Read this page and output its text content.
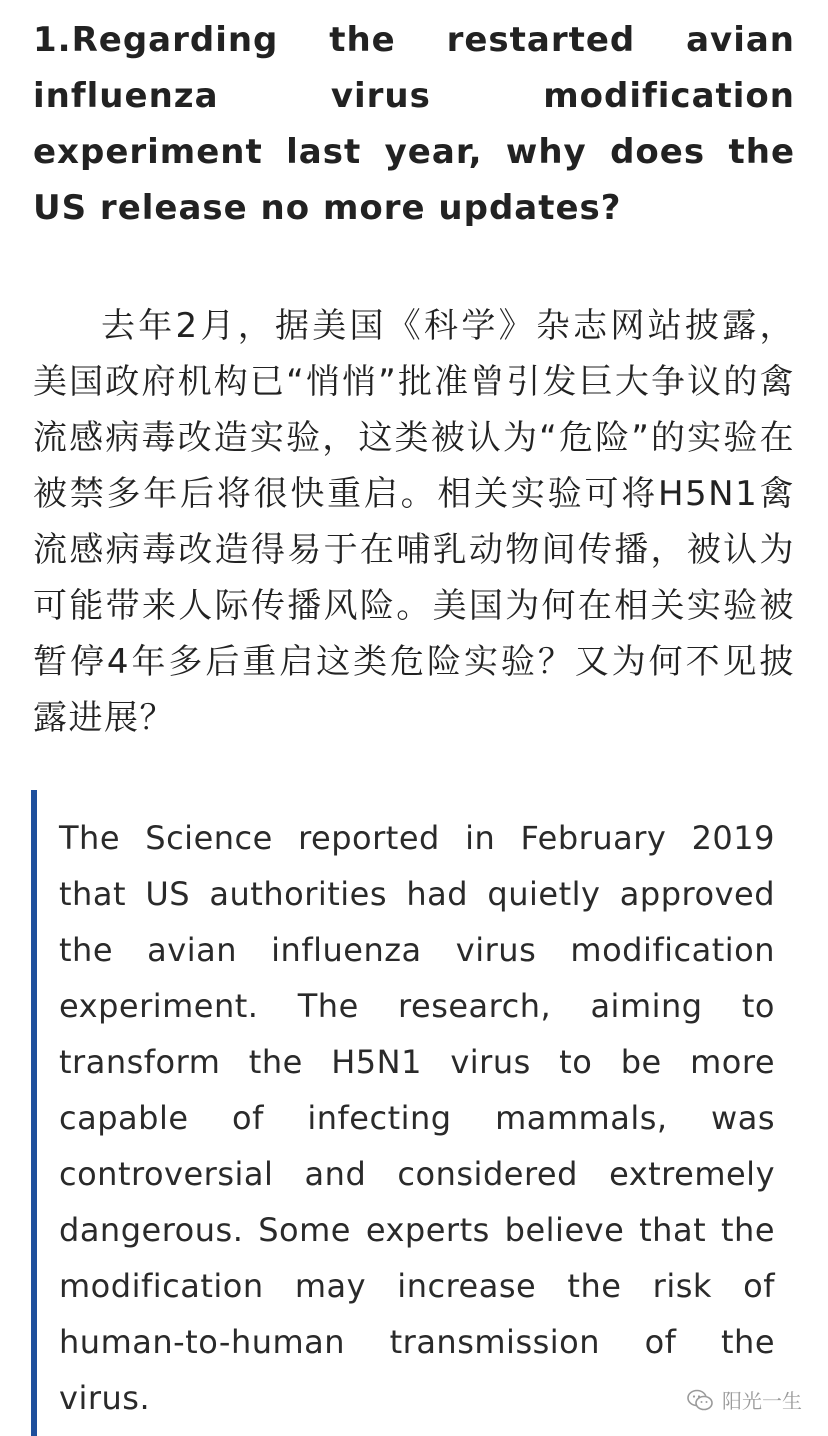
1.Regarding the restarted avian influenza virus modification experiment last year, why does the US release no more updates?

去年2月，据美国《科学》杂志网站披露，美国政府机构已“悄悄”批准曾引发巨大争议的禽流感病毒改造实验，这类被认为“危险”的实验在被禁多年后将很快重启。相关实验可将H5N1禽流感病毒改造得易于在哺乳动物间传播，被认为可能带来人际传播风险。美国为何在相关实验被暂停4年多后重启这类危险实验？又为何不见披露进展？

The Science reported in February 2019 that US authorities had quietly approved the avian influenza virus modification experiment. The research, aiming to transform the H5N1 virus to be more capable of infecting mammals, was controversial and considered extremely dangerous. Some experts believe that the modification may increase the risk of human-to-human transmission of the virus.	阳光一生
